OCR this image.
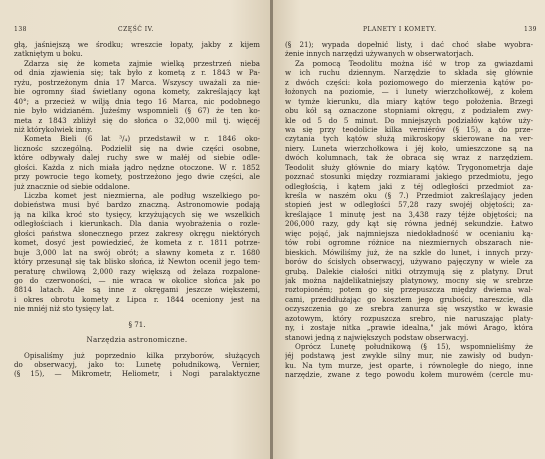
138	CZĘŚĆ IV.
głą, jaśniejszą we środku; wreszcie łopaty, jakby z kijem
zatkniętym u boku.
Zdarza się że kometa zajmie wielką przestrzeń nieba
od dnia zjawienia się; tak było z kometą z r. 1843 w Pa-
ryżu, postrzeżonym dnia 17 Marca. Wszyscy uważali za nie-
bie ogromny śiad świetlany ogona komety, zakreślający kąt
40°; a przecież w wilją dnia tego 16 Marca, nic podobnego
nie było widzianém. Jużeśmy wspomnieli (§ 67) że ten ko-
meta z 1843 zbliżył się do słońca o 32,000 mil tj. więcéj
niż którykolwiek inny.
Kometa Bieli (6 lat ³/₄) przedstawił w r. 1846 oko-
licznośc szczególną. Podzielił się na dwie części osobne,
które odbywały dalej ruchy swe w małéj od siebie odle-
głości. Każda z nich miała jądro nędzne otoczone. W r. 1852
przy powrocie tego komety, postrzeżono jego dwie części, ale
już znacznie od siebie oddalone.
Liczba komet jest niezmierna, ale podług wszelkiego po-
dobieństwa musi być bardzo znaczną. Astronomowie podają
ją na kilka kroć sto tysięcy, krzyżujących się we wszelkich
odległościach i kierunkach. Dla dania wyobrażenia o rozle-
głości państwa słonecznego przez zakresy okręgu niektórych
komet, dosyć jest powiedzieć, że kometa z r. 1811 potrze-
buje 3,000 lat na swój obrót; a sławny kometa z r. 1680
który przesunął się tak blisko słońca, iż Newton ocenił jego tem-
peraturę chwilową 2,000 razy większą od żelaza rozpalone-
go do czerwoności, — nie wraca w okolice słońca jak po
8814 latach. Ale są inne z okręgami jeszcze większemi,
i okres obrotu komety z Lipca r. 1844 oceniony jest na
nie mniéj niż sto tysięcy lat.
§ 71.
Narzędzia astronomiczne.
Opisaliśmy już poprzednio kilka przyborów, służących
do obserwacyj, jako to: Lunetę południkową, Vernier,
(§ 15), — Mikrometr, Heliometr, i Nogi paralaktyczne
PLANETY I KOMETY.	139
(§ 21); wypada dopełnić listy, i dać choć słabe wyobra-
żenie innych narzędzi używanych w obserwatorjach.
Za pomocą Teodolitu można iść w trop za gwiazdami
w ich ruchu dziennym. Narzędzie to składa się głównie
z dwóch części: koła poziomowego do mierzenia kątów po-
łożonych na poziomie, — i lunety wierzchołkowéj, z kołem
w tymże kierunku, dla miary kątów tego położenia. Brzegi
obu kół są oznaczone stopniami okręgu, z podziałem zwy-
kle od 5 do 5 minut. Do mniejszych podziałów kątów uży-
wa się przy teodolicie kilka verniérów (§ 15), a do prze-
czytania tych kątów służą mikroskopy skierowane na ver-
niery. Luneta wierzchołkowa i jéj koło, umieszczone są na
dwóch kolumnach, tak że obraca się wraz z narzędziem.
Teodolit służy głównie do miary kątów. Trygonometrja daje
pozznać stosunki między rozmiarami jakiego przedmiotu, jego
odległością, i kątem jaki z téj odległości przedmiot za-
kreśla w naszém oku (§ 7.) Przedmiot zakreślający jeden
stopień jest w odległości 57,28 razy swojéj objętości; za-
kreślające 1 minutę jest na 3,438 razy téjże objętości; na
206,000 razy, gdy kąt się równa jednéj sekundzie. Łatwo
więc pojąć, jak najmniejsza niedokładność w ocenianiu ką-
tów robi ogromne różnice na niezmiernych obszarach nie-
bieskich. Mówiliśmy już, że na szkle do lunet, i innych przy-
borów do ścisłych obserwacyj, używano pajęczyny w wiele za
grubą. Dalekie ciałości nitki otrzymują się z platyny. Drut
jak można najdelikatniejszy platynowy, mocny się w srebrze
roztopioném; potem go się przepuszcza między dwiema wal-
cami, przeddłużając go kosztem jego grubości, nareszcie, dla
oczyszczenia go ze srebra zanurza się wszystko w kwasie
azotowym, który rozpuszcza srebro, nie naruszając platy-
ny, i zostaje nitka „prawie idealna," jak mówi Arago, która
stanowi jedną z największych podstaw obserwacyj.
Oprócz Lunetę południkową (§ 15), wspomnieliśmy że
jéj podstawą jest zwykle silny mur, nie zawisły od budyn-
ku. Na tym murze, jest oparte, i równoległe do niego, inne
narzędzie, zwane z tego powodu kołem murowém (cercle mu-
